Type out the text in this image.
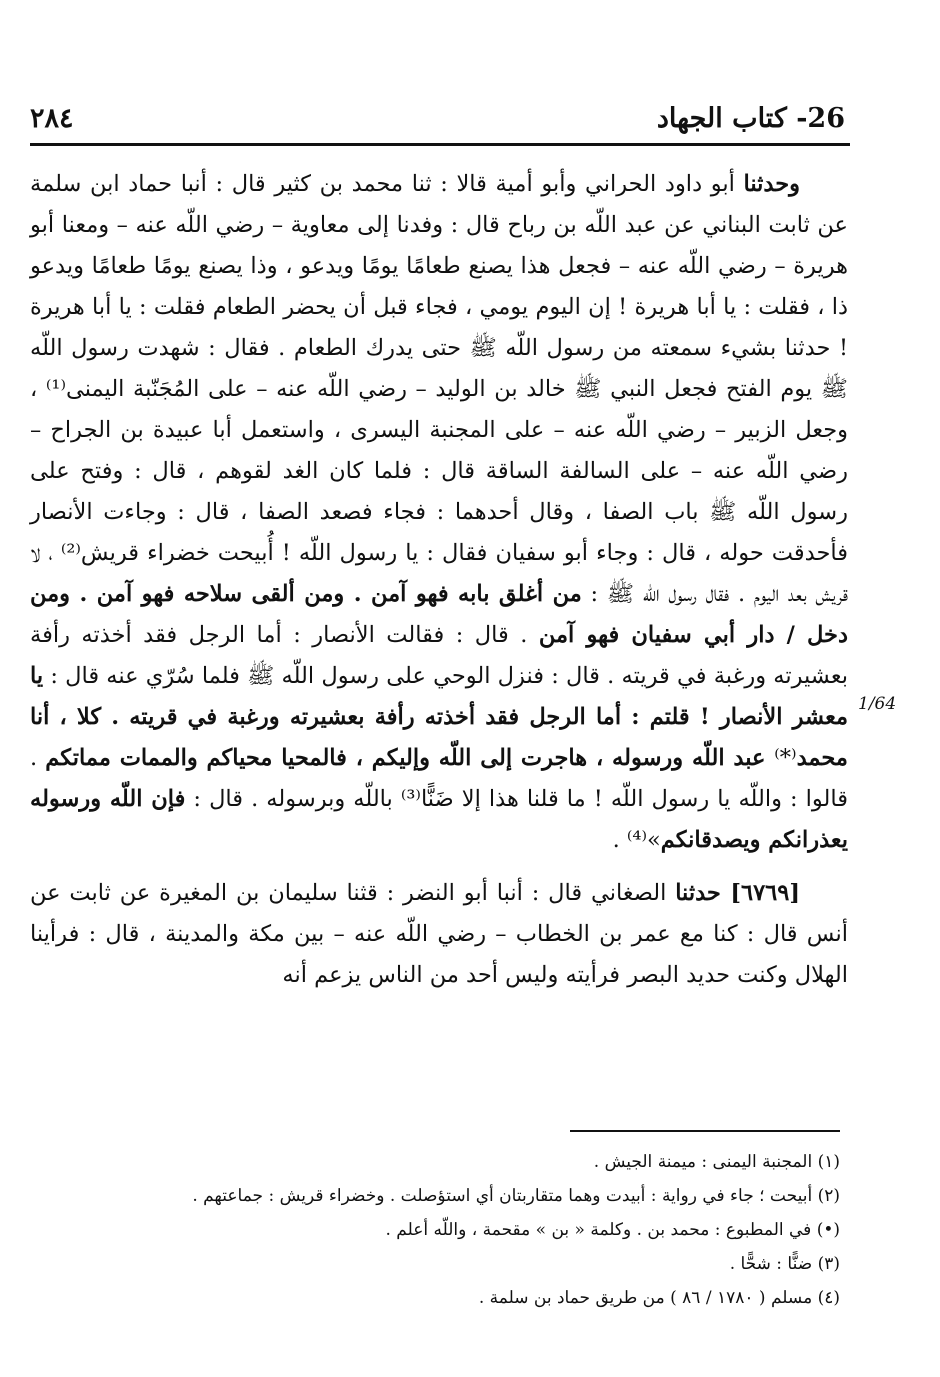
٢٨٤	26- كتاب الجهاد
1/64

وحدثنا أبو داود الحراني وأبو أمية قالا : ثنا محمد بن كثير قال : أنبا حماد ابن سلمة عن ثابت البناني عن عبد اللّه بن رباح قال : وفدنا إلى معاوية – رضي اللّه عنه – ومعنا أبو هريرة – رضي اللّه عنه – فجعل هذا يصنع طعامًا يومًا ويدعو ، وذا يصنع يومًا طعامًا ويدعو ذا ، فقلت : يا أبا هريرة ! إن اليوم يومي ، فجاء قبل أن يحضر الطعام فقلت : يا أبا هريرة ! حدثنا بشيء سمعته من رسول اللّه ﷺ حتى يدرك الطعام . فقال : شهدت رسول اللّه ﷺ يوم الفتح فجعل النبي ﷺ خالد بن الوليد – رضي اللّه عنه – على المُجَنّبة اليمنى⁽¹⁾ ، وجعل الزبير – رضي اللّه عنه – على المجنبة اليسرى ، واستعمل أبا عبيدة بن الجراح – رضي اللّه عنه – على السالفة الساقة قال : فلما كان الغد لقوهم ، قال : وفتح على رسول اللّه ﷺ باب الصفا ، وقال أحدهما : فجاء فصعد الصفا ، قال : وجاءت الأنصار فأحدقت حوله ، قال : وجاء أبو سفيان فقال : يا رسول اللّه ! أُبيحت خضراء قريش⁽²⁾ ، لا قريش بعد اليوم . فقال رسول اللّه ﷺ : من أغلق بابه فهو آمن . ومن ألقى سلاحه فهو آمن . ومن دخل / دار أبي سفيان فهو آمن . قال : فقالت الأنصار : أما الرجل فقد أخذته رأفة بعشيرته ورغبة في قريته . قال : فنزل الوحي على رسول اللّه ﷺ فلما سُرّي عنه قال : يا معشر الأنصار ! قلتم : أما الرجل فقد أخذته رأفة بعشيرته ورغبة في قريته . كلا ، أنا محمد⁽*⁾ عبد اللّه ورسوله ، هاجرت إلى اللّه وإليكم ، فالمحيا محياكم والممات مماتكم . قالوا : واللّه يا رسول اللّه ! ما قلنا هذا إلا ضَنًّا⁽³⁾ باللّه وبرسوله . قال : فإن اللّه ورسوله يعذرانكم ويصدقانكم»⁽⁴⁾ .

[٦٧٦٩] حدثنا الصغاني قال : أنبا أبو النضر : قثنا سليمان بن المغيرة عن ثابت عن أنس قال : كنا مع عمر بن الخطاب – رضي اللّه عنه – بين مكة والمدينة ، قال : فرأينا الهلال وكنت حديد البصر فرأيته وليس أحد من الناس يزعم أنه

(١) المجنبة اليمنى : ميمنة الجيش .
(٢) أبيحت ؛ جاء في رواية : أبيدت وهما متقاربتان أي استؤصلت . وخضراء قريش : جماعتهم .
(•) في المطبوع : محمد بن . وكلمة « بن » مقحمة ، واللّه أعلم .
(٣) ضنًّا : شحًّا .
(٤) مسلم ( ١٧٨٠ / ٨٦ ) من طريق حماد بن سلمة .
